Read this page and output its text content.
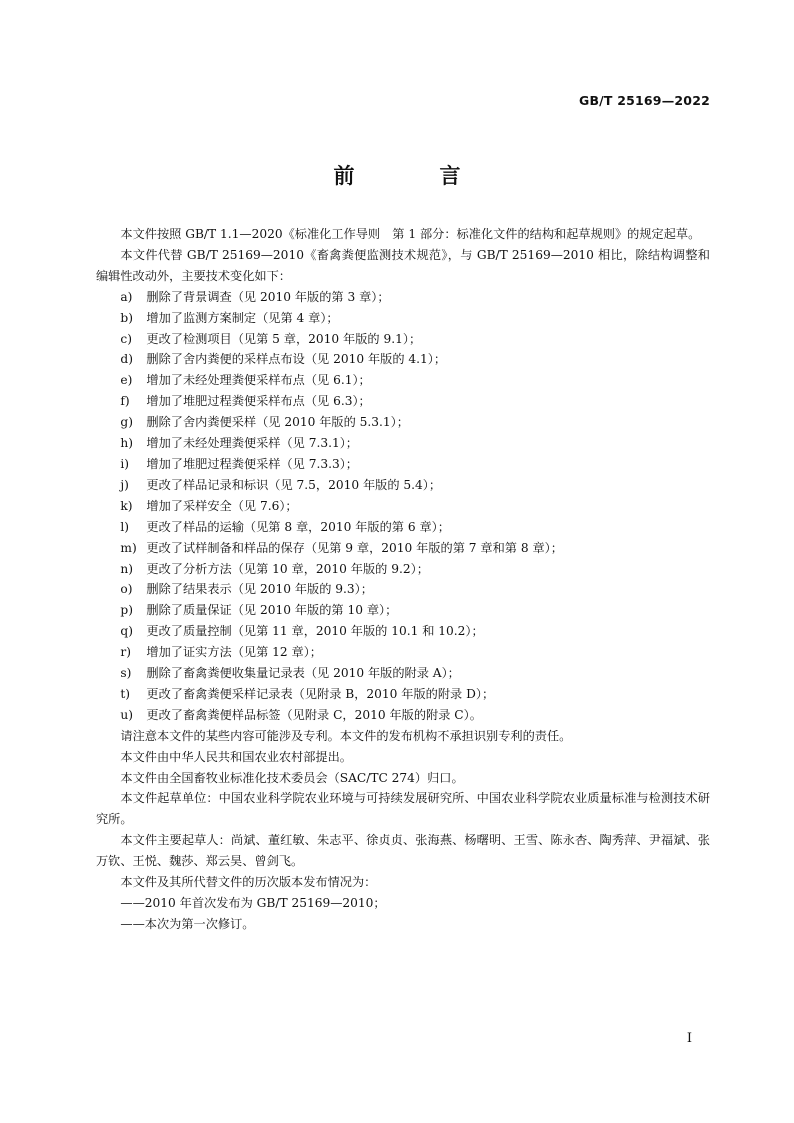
GB/T 25169—2022
前　言

本文件按照 GB/T 1.1—2020《标准化工作导则　第 1 部分：标准化文件的结构和起草规则》的规定起草。

本文件代替 GB/T 25169—2010《畜禽粪便监测技术规范》，与 GB/T 25169—2010 相比，除结构调整和编辑性改动外，主要技术变化如下：

a) 删除了背景调查（见 2010 年版的第 3 章）；

b) 增加了监测方案制定（见第 4 章）；

c) 更改了检测项目（见第 5 章，2010 年版的 9.1）；

d) 删除了舍内粪便的采样点布设（见 2010 年版的 4.1）；

e) 增加了未经处理粪便采样布点（见 6.1）；

f) 增加了堆肥过程粪便采样布点（见 6.3）；

g) 删除了舍内粪便采样（见 2010 年版的 5.3.1）；

h) 增加了未经处理粪便采样（见 7.3.1）；

i) 增加了堆肥过程粪便采样（见 7.3.3）；

j) 更改了样品记录和标识（见 7.5，2010 年版的 5.4）；

k) 增加了采样安全（见 7.6）；

l) 更改了样品的运输（见第 8 章，2010 年版的第 6 章）；

m) 更改了试样制备和样品的保存（见第 9 章，2010 年版的第 7 章和第 8 章）；

n) 更改了分析方法（见第 10 章，2010 年版的 9.2）；

o) 删除了结果表示（见 2010 年版的 9.3）；

p) 删除了质量保证（见 2010 年版的第 10 章）；

q) 更改了质量控制（见第 11 章，2010 年版的 10.1 和 10.2）；

r) 增加了证实方法（见第 12 章）；

s) 删除了畜禽粪便收集量记录表（见 2010 年版的附录 A）；

t) 更改了畜禽粪便采样记录表（见附录 B，2010 年版的附录 D）；

u) 更改了畜禽粪便样品标签（见附录 C，2010 年版的附录 C）。

请注意本文件的某些内容可能涉及专利。本文件的发布机构不承担识别专利的责任。

本文件由中华人民共和国农业农村部提出。

本文件由全国畜牧业标准化技术委员会（SAC/TC 274）归口。

本文件起草单位：中国农业科学院农业环境与可持续发展研究所、中国农业科学院农业质量标准与检测技术研究所。

本文件主要起草人：尚斌、董红敏、朱志平、徐贞贞、张海燕、杨曙明、王雪、陈永杏、陶秀萍、尹福斌、张万钦、王悦、魏莎、郑云昊、曾剑飞。

本文件及其所代替文件的历次版本发布情况为：

——2010 年首次发布为 GB/T 25169—2010；

——本次为第一次修订。

I
